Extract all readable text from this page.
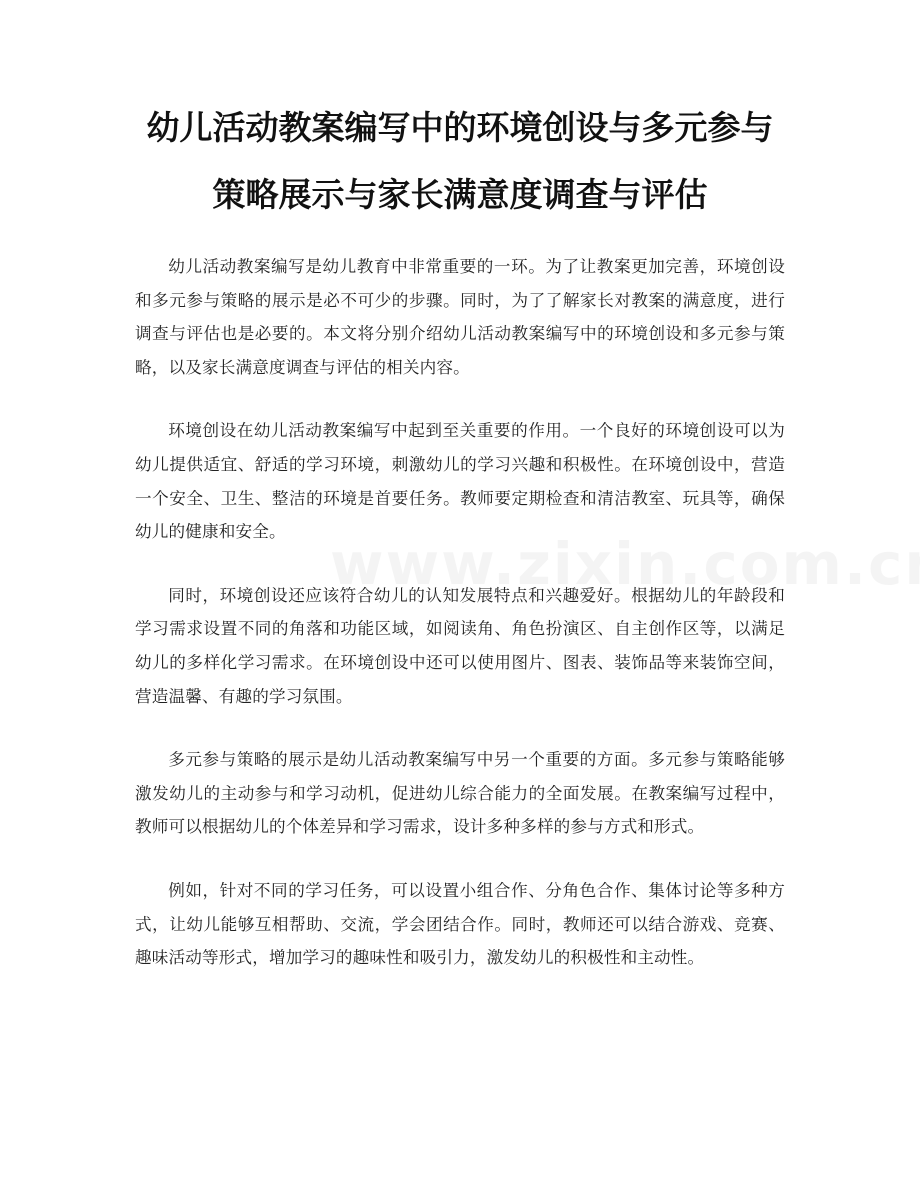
幼儿活动教案编写中的环境创设与多元参与
策略展示与家长满意度调查与评估

幼儿活动教案编写是幼儿教育中非常重要的一环。为了让教案更加完善，环境创设和多元参与策略的展示是必不可少的步骤。同时，为了了解家长对教案的满意度，进行调查与评估也是必要的。本文将分别介绍幼儿活动教案编写中的环境创设和多元参与策略，以及家长满意度调查与评估的相关内容。

环境创设在幼儿活动教案编写中起到至关重要的作用。一个良好的环境创设可以为幼儿提供适宜、舒适的学习环境，刺激幼儿的学习兴趣和积极性。在环境创设中，营造一个安全、卫生、整洁的环境是首要任务。教师要定期检查和清洁教室、玩具等，确保幼儿的健康和安全。

同时，环境创设还应该符合幼儿的认知发展特点和兴趣爱好。根据幼儿的年龄段和学习需求设置不同的角落和功能区域，如阅读角、角色扮演区、自主创作区等，以满足幼儿的多样化学习需求。在环境创设中还可以使用图片、图表、装饰品等来装饰空间，营造温馨、有趣的学习氛围。

多元参与策略的展示是幼儿活动教案编写中另一个重要的方面。多元参与策略能够激发幼儿的主动参与和学习动机，促进幼儿综合能力的全面发展。在教案编写过程中，教师可以根据幼儿的个体差异和学习需求，设计多种多样的参与方式和形式。

例如，针对不同的学习任务，可以设置小组合作、分角色合作、集体讨论等多种方式，让幼儿能够互相帮助、交流，学会团结合作。同时，教师还可以结合游戏、竞赛、趣味活动等形式，增加学习的趣味性和吸引力，激发幼儿的积极性和主动性。
